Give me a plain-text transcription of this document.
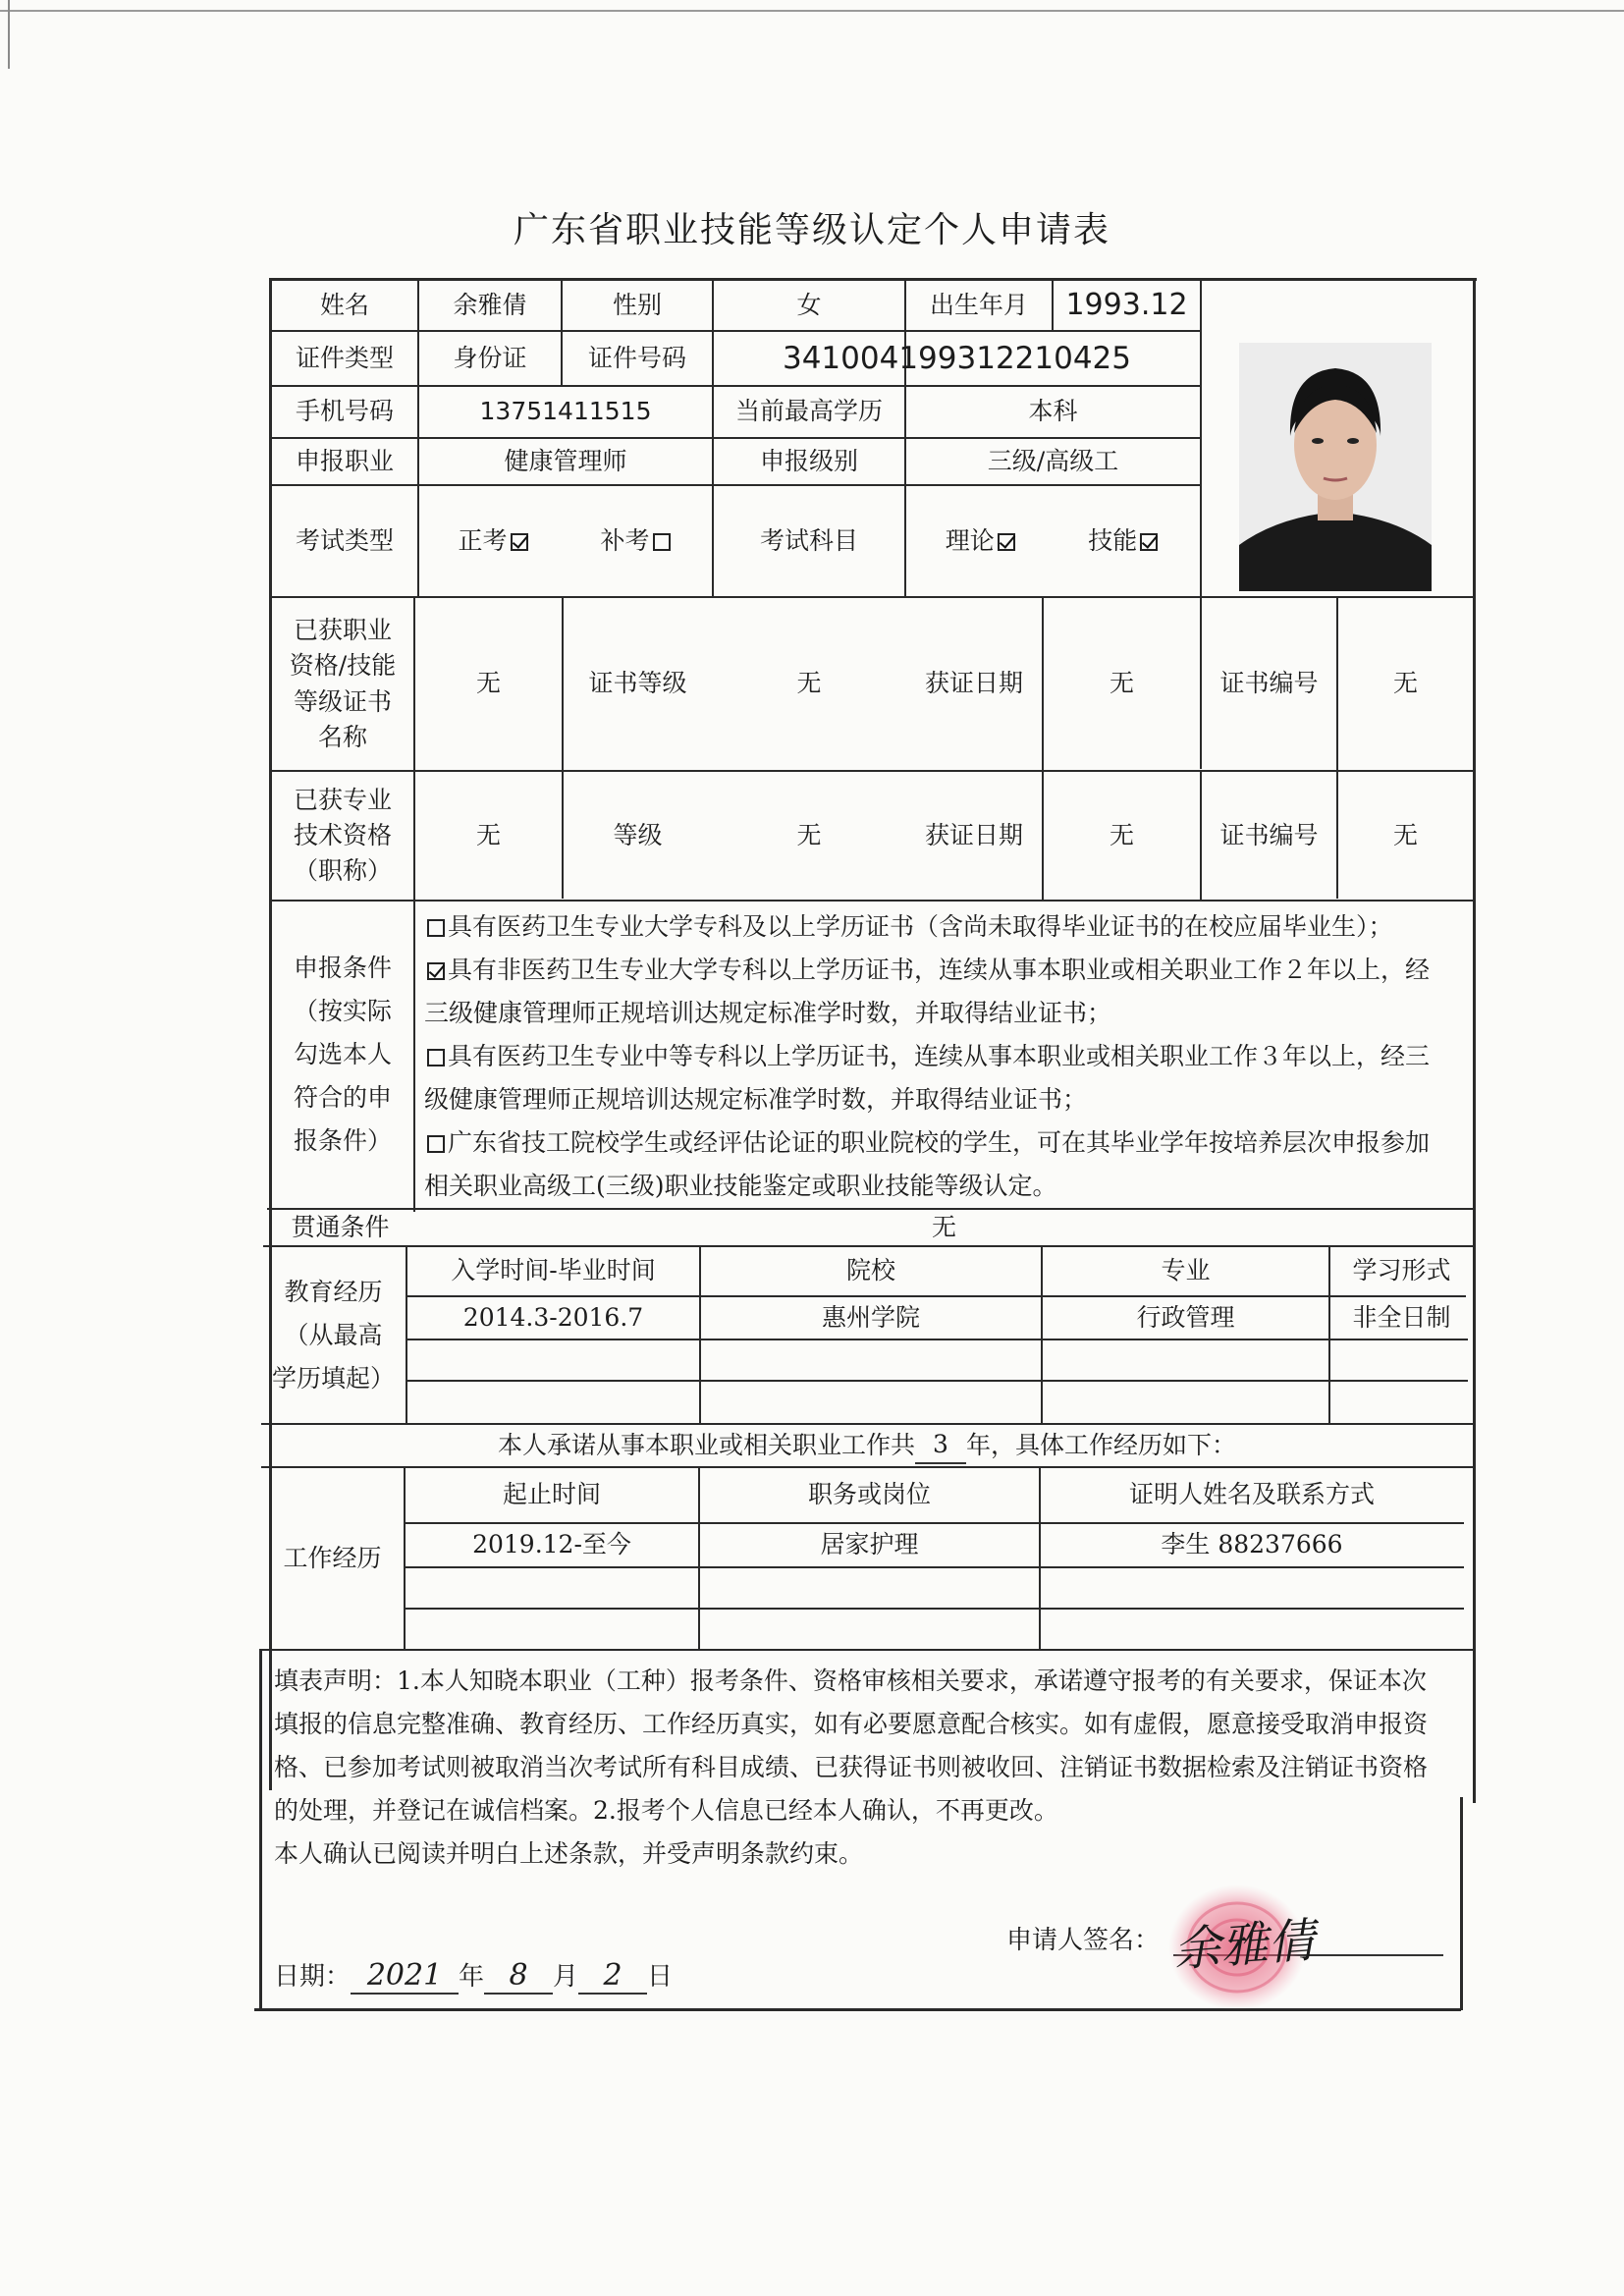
广东省职业技能等级认定个人申请表
姓名	余雅倩	性别	女	出生年月	1993.12
证件类型	身份证	证件号码	341004199312210425
手机号码	13751411515	当前最高学历	本科
申报职业	健康管理师	申报级别	三级/高级工
考试类型	正考	补考	考试科目	理论	技能
已获职业
资格/技能
等级证书
名称
无	证书等级	无	获证日期	无	证书编号	无
已获专业
技术资格
（职称）
无	等级	无	获证日期	无	证书编号	无
申报条件
（按实际
勾选本人
符合的申
报条件）
具有医药卫生专业大学专科及以上学历证书（含尚未取得毕业证书的在校应届毕业生）；
具有非医药卫生专业大学专科以上学历证书，连续从事本职业或相关职业工作２年以上，经
三级健康管理师正规培训达规定标准学时数，并取得结业证书；
具有医药卫生专业中等专科以上学历证书，连续从事本职业或相关职业工作３年以上，经三
级健康管理师正规培训达规定标准学时数，并取得结业证书；
广东省技工院校学生或经评估论证的职业院校的学生，可在其毕业学年按培养层次申报参加
相关职业高级工(三级)职业技能鉴定或职业技能等级认定。
贯通条件	无
教育经历
（从最高
学历填起）
入学时间-毕业时间	院校	专业	学习形式
2014.3-2016.7	惠州学院	行政管理	非全日制
本人承诺从事本职业或相关职业工作共 3 年，具体工作经历如下：
工作经历
起止时间	职务或岗位	证明人姓名及联系方式
2019.12-至今	居家护理	李生 88237666
填表声明：1.本人知晓本职业（工种）报考条件、资格审核相关要求，承诺遵守报考的有关要求，保证本次
填报的信息完整准确、教育经历、工作经历真实，如有必要愿意配合核实。如有虚假，愿意接受取消申报资
格、已参加考试则被取消当次考试所有科目成绩、已获得证书则被收回、注销证书数据检索及注销证书资格
的处理，并登记在诚信档案。2.报考个人信息已经本人确认，不再更改。
本人确认已阅读并明白上述条款，并受声明条款约束。
申请人签名： 余雅倩
日期： 2021 年 8 月 2 日
